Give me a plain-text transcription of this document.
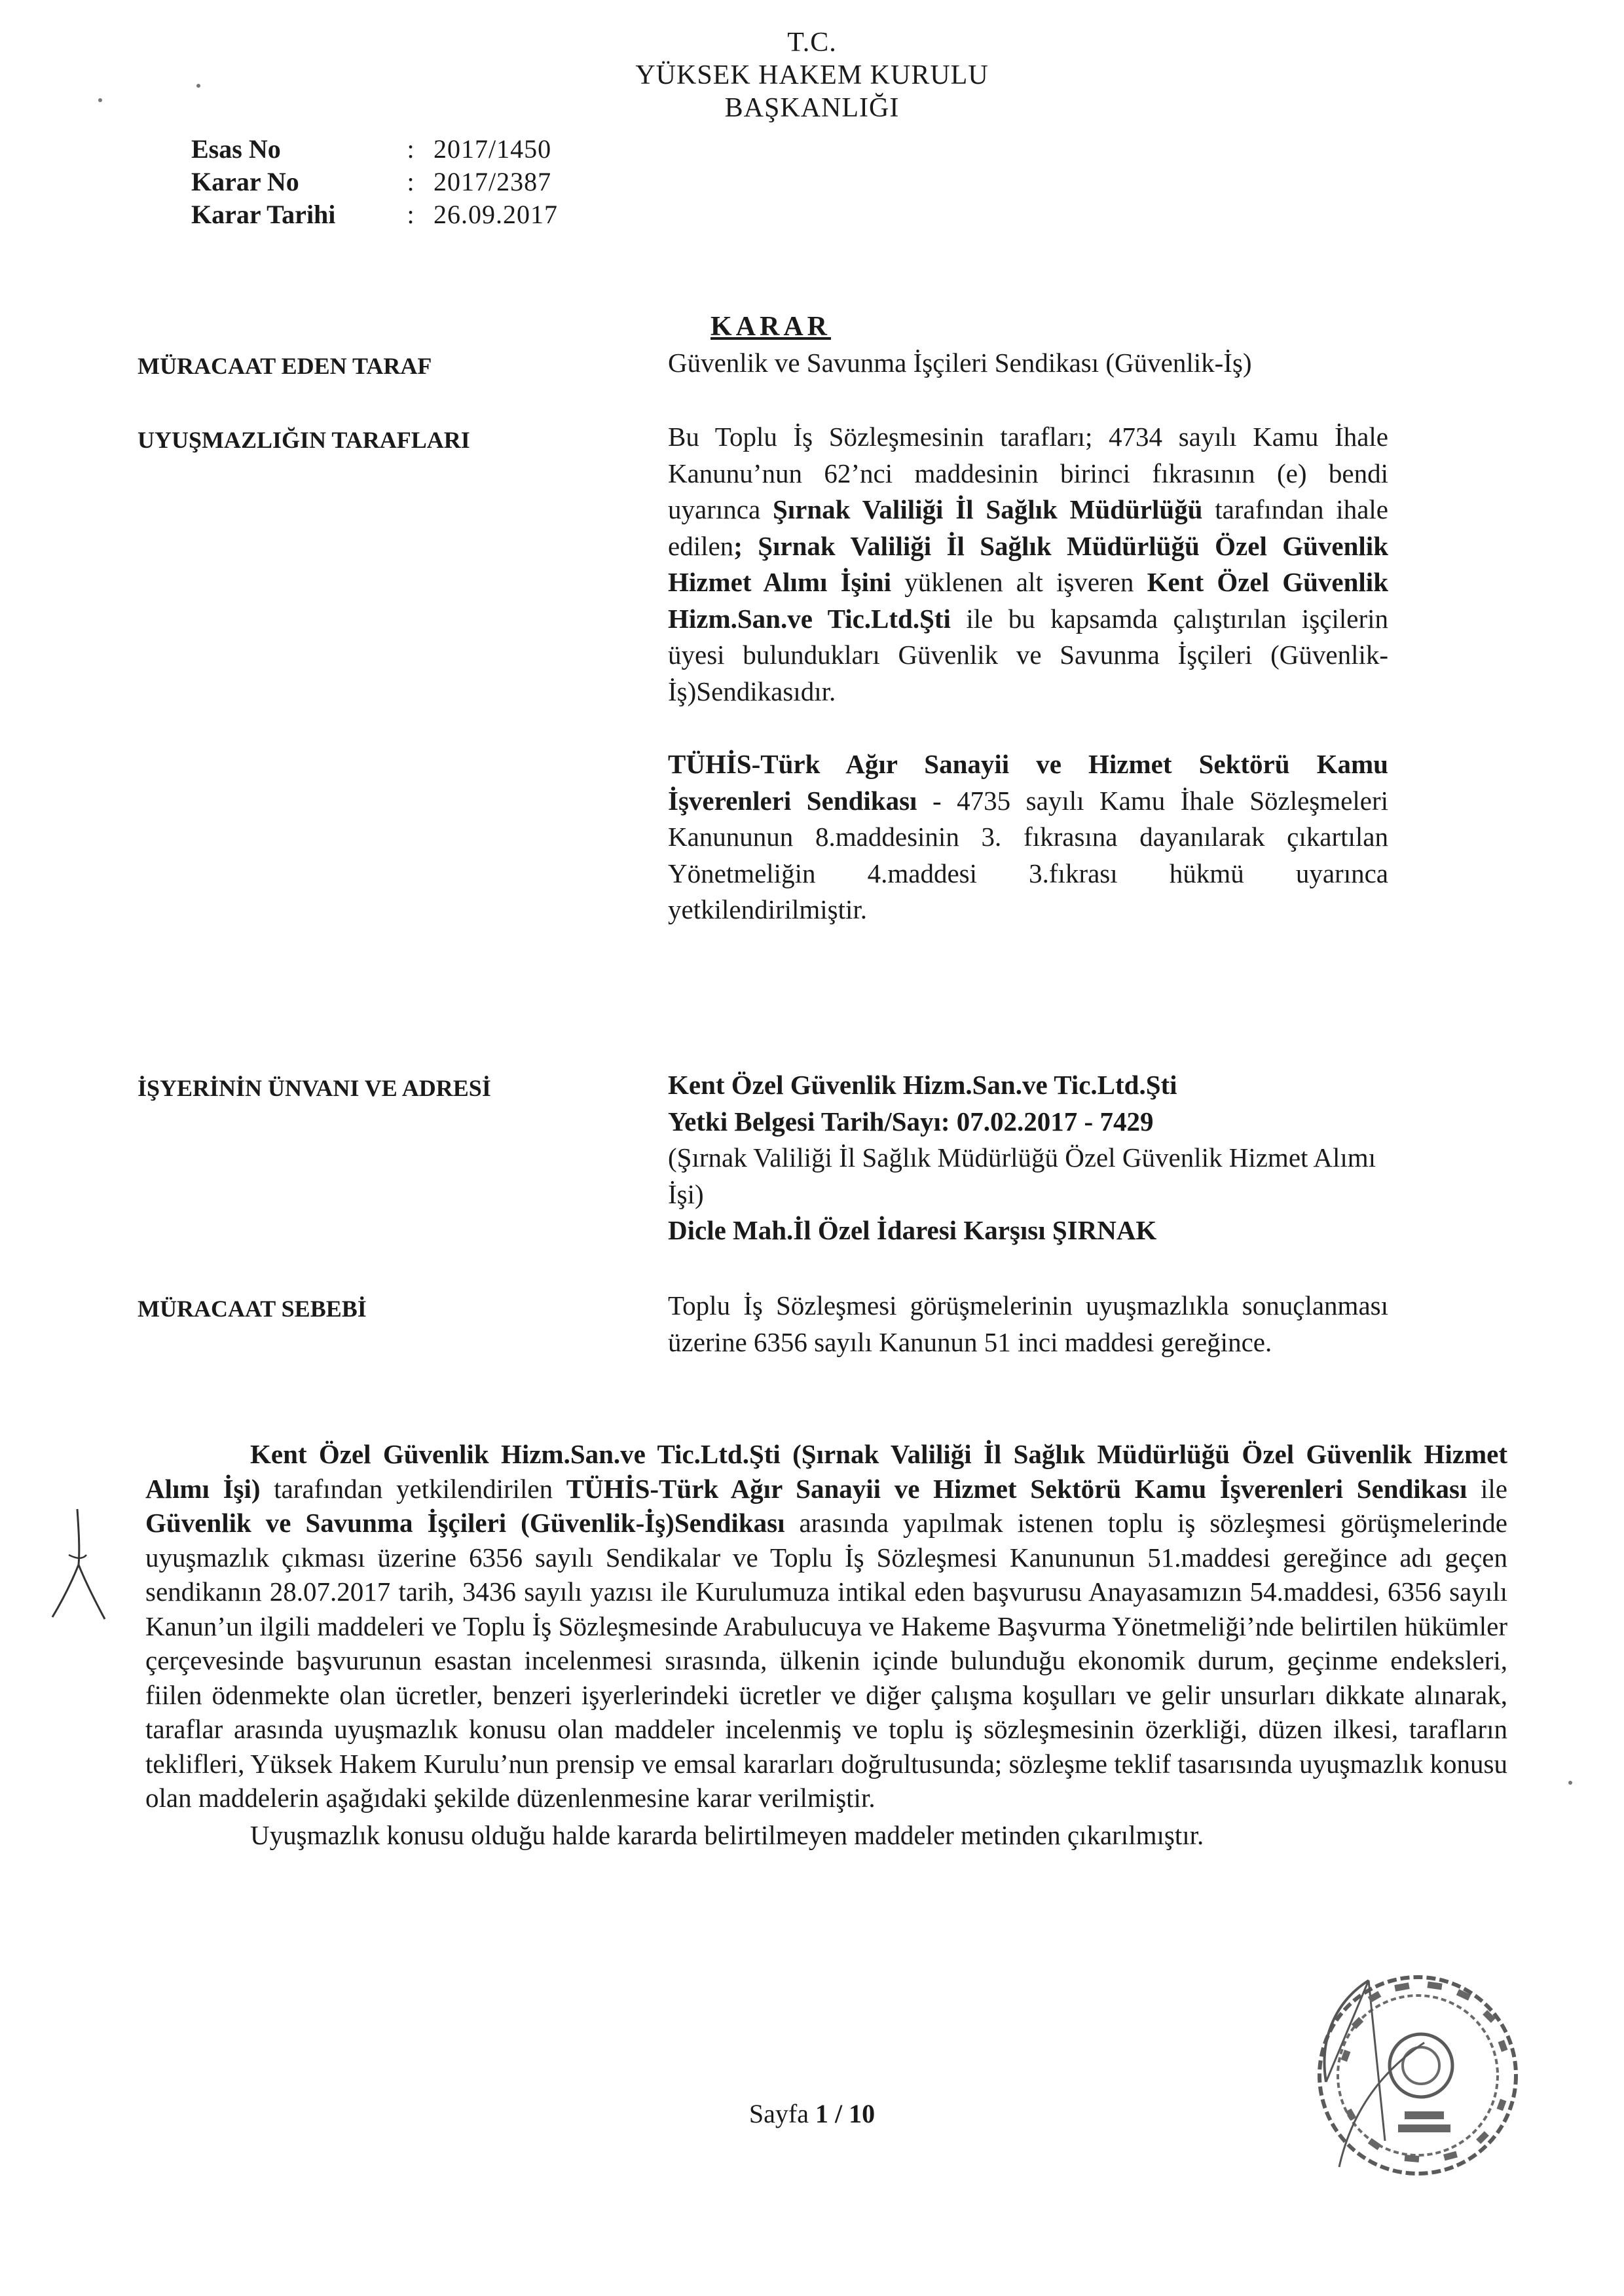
T.C.
YÜKSEK HAKEM KURULU
BAŞKANLIĞI
Esas No	: 2017/1450
Karar No	: 2017/2387
Karar Tarihi	: 26.09.2017
KARAR
MÜRACAAT EDEN TARAF	Güvenlik ve Savunma İşçileri Sendikası (Güvenlik-İş)
UYUŞMAZLIĞIN TARAFLARI	Bu Toplu İş Sözleşmesinin tarafları; 4734 sayılı Kamu İhale Kanunu’nun 62’nci maddesinin birinci fıkrasının (e) bendi uyarınca Şırnak Valiliği İl Sağlık Müdürlüğü tarafından ihale edilen; Şırnak Valiliği İl Sağlık Müdürlüğü Özel Güvenlik Hizmet Alımı İşini yüklenen alt işveren Kent Özel Güvenlik Hizm.San.ve Tic.Ltd.Şti ile bu kapsamda çalıştırılan işçilerin üyesi bulundukları Güvenlik ve Savunma İşçileri (Güvenlik-İş)Sendikasıdır.
TÜHİS-Türk Ağır Sanayii ve Hizmet Sektörü Kamu İşverenleri Sendikası - 4735 sayılı Kamu İhale Sözleşmeleri Kanununun 8.maddesinin 3. fıkrasına dayanılarak çıkartılan Yönetmeliğin 4.maddesi 3.fıkrası hükmü uyarınca yetkilendirilmiştir.
İŞYERİNİN ÜNVANI VE ADRESİ	Kent Özel Güvenlik Hizm.San.ve Tic.Ltd.Şti
Yetki Belgesi Tarih/Sayı: 07.02.2017 - 7429
(Şırnak Valiliği İl Sağlık Müdürlüğü Özel Güvenlik Hizmet Alımı İşi)
Dicle Mah.İl Özel İdaresi Karşısı ŞIRNAK
MÜRACAAT SEBEBİ	Toplu İş Sözleşmesi görüşmelerinin uyuşmazlıkla sonuçlanması üzerine 6356 sayılı Kanunun 51 inci maddesi gereğince.

Kent Özel Güvenlik Hizm.San.ve Tic.Ltd.Şti (Şırnak Valiliği İl Sağlık Müdürlüğü Özel Güvenlik Hizmet Alımı İşi) tarafından yetkilendirilen TÜHİS-Türk Ağır Sanayii ve Hizmet Sektörü Kamu İşverenleri Sendikası ile Güvenlik ve Savunma İşçileri (Güvenlik-İş)Sendikası arasında yapılmak istenen toplu iş sözleşmesi görüşmelerinde uyuşmazlık çıkması üzerine 6356 sayılı Sendikalar ve Toplu İş Sözleşmesi Kanununun 51.maddesi gereğince adı geçen sendikanın 28.07.2017 tarih, 3436 sayılı yazısı ile Kurulumuza intikal eden başvurusu Anayasamızın 54.maddesi, 6356 sayılı Kanun’un ilgili maddeleri ve Toplu İş Sözleşmesinde Arabulucuya ve Hakeme Başvurma Yönetmeliği’nde belirtilen hükümler çerçevesinde başvurunun esastan incelenmesi sırasında, ülkenin içinde bulunduğu ekonomik durum, geçinme endeksleri, fiilen ödenmekte olan ücretler, benzeri işyerlerindeki ücretler ve diğer çalışma koşulları ve gelir unsurları dikkate alınarak, taraflar arasında uyuşmazlık konusu olan maddeler incelenmiş ve toplu iş sözleşmesinin özerkliği, düzen ilkesi, tarafların teklifleri, Yüksek Hakem Kurulu’nun prensip ve emsal kararları doğrultusunda; sözleşme teklif tasarısında uyuşmazlık konusu olan maddelerin aşağıdaki şekilde düzenlenmesine karar verilmiştir.

Uyuşmazlık konusu olduğu halde kararda belirtilmeyen maddeler metinden çıkarılmıştır.

Sayfa 1 / 10
